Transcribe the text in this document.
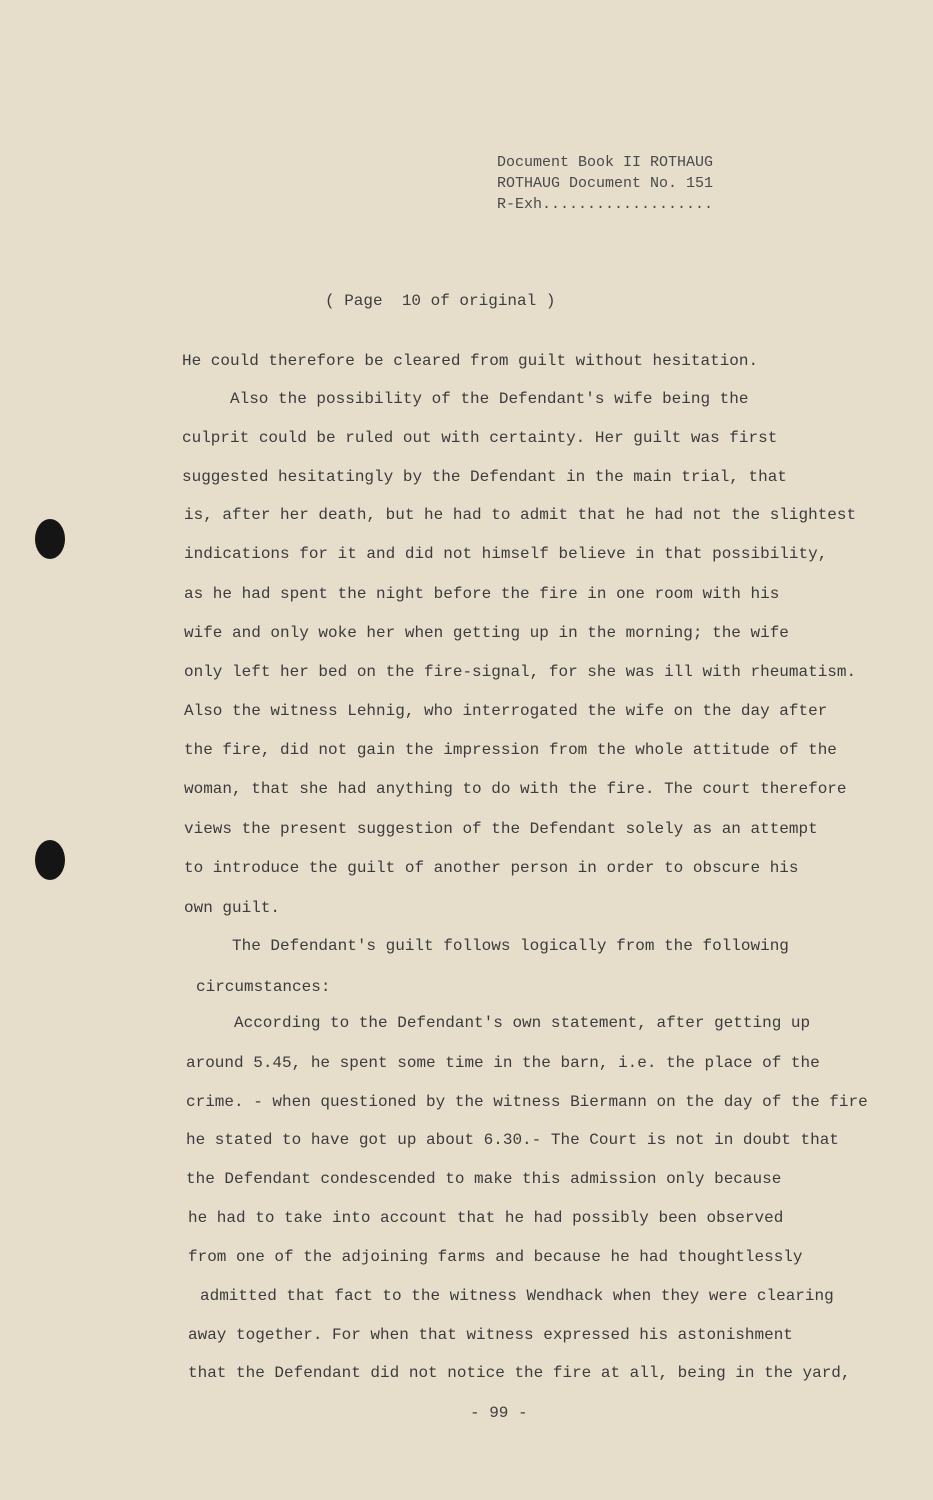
Document Book II ROTHAUG
ROTHAUG Document No. 151
R-Exh...................
( Page  10 of original )
He could therefore be cleared from guilt without hesitation.
Also the possibility of the Defendant's wife being the
culprit could be ruled out with certainty. Her guilt was first
suggested hesitatingly by the Defendant in the main trial, that
is, after her death, but he had to admit that he had not the slightest
indications for it and did not himself believe in that possibility,
as he had spent the night before the fire in one room with his
wife and only woke her when getting up in the morning; the wife
only left her bed on the fire-signal, for she was ill with rheumatism.
Also the witness Lehnig, who interrogated the wife on the day after
the fire, did not gain the impression from the whole attitude of the
woman, that she had anything to do with the fire. The court therefore
views the present suggestion of the Defendant solely as an attempt
to introduce the guilt of another person in order to obscure his
own guilt.
The Defendant's guilt follows logically from the following
circumstances:
According to the Defendant's own statement, after getting up
around 5.45, he spent some time in the barn, i.e. the place of the
crime. - when questioned by the witness Biermann on the day of the fire
he stated to have got up about 6.30.- The Court is not in doubt that
the Defendant condescended to make this admission only because
he had to take into account that he had possibly been observed
from one of the adjoining farms and because he had thoughtlessly
admitted that fact to the witness Wendhack when they were clearing
away together. For when that witness expressed his astonishment
that the Defendant did not notice the fire at all, being in the yard,
- 99 -
